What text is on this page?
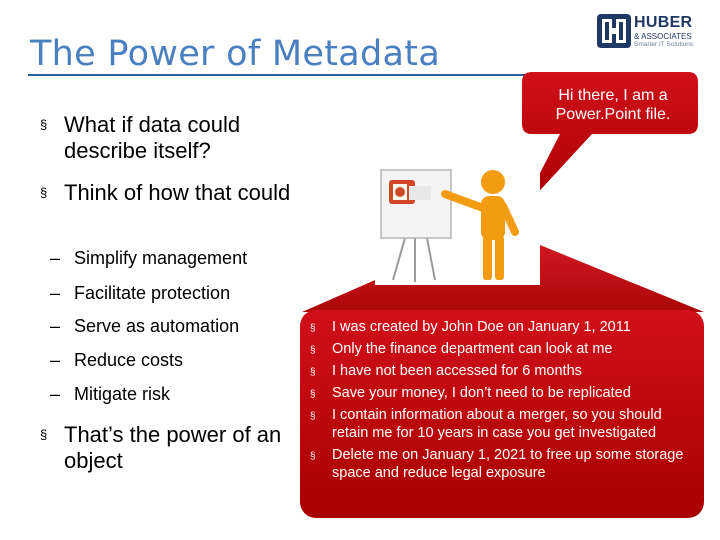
The Power of Metadata
HUBER
& ASSOCIATES
Smarter IT Solutions
Hi there, I am a Power.Point file.
§ What if data could describe itself?
§ Think of how that could
– Simplify management
– Facilitate protection
– Serve as automation
– Reduce costs
– Mitigate risk
§ That’s the power of an object
§ I was created by John Doe on January 1, 2011
§ Only the finance department can look at me
§ I have not been accessed for 6 months
§ Save your money, I don’t need to be replicated
§ I contain information about a merger, so you should retain me for 10 years in case you get investigated
§ Delete me on January 1, 2021 to free up some storage space and reduce legal exposure
